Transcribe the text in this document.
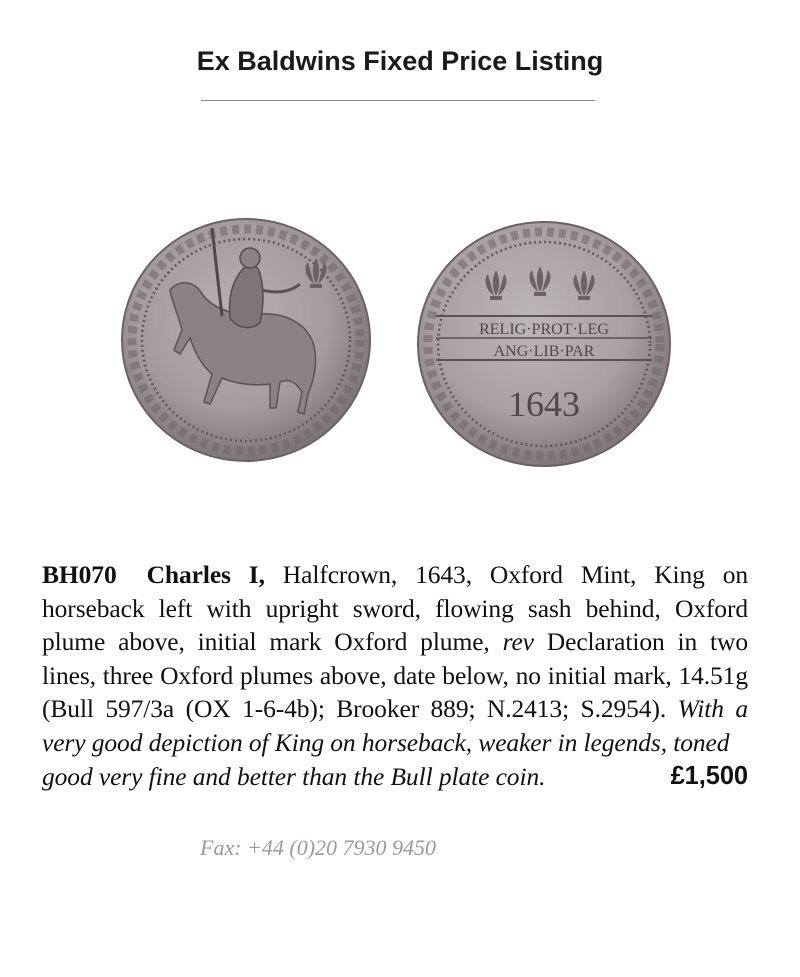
Ex Baldwins Fixed Price Listing
RELIG·PROT·LEG
ANG·LIB·PAR
1643
BH070 Charles I, Halfcrown, 1643, Oxford Mint, King on horseback left with upright sword, flowing sash behind, Oxford plume above, initial mark Oxford plume, rev Declaration in two lines, three Oxford plumes above, date below, no initial mark, 14.51g (Bull 597/3a (OX 1-6-4b); Brooker 889; N.2413; S.2954). With a very good depiction of King on horseback, weaker in legends, toned
good very fine and better than the Bull plate coin.	£1,500
Fax: +44 (0)20 7930 9450
